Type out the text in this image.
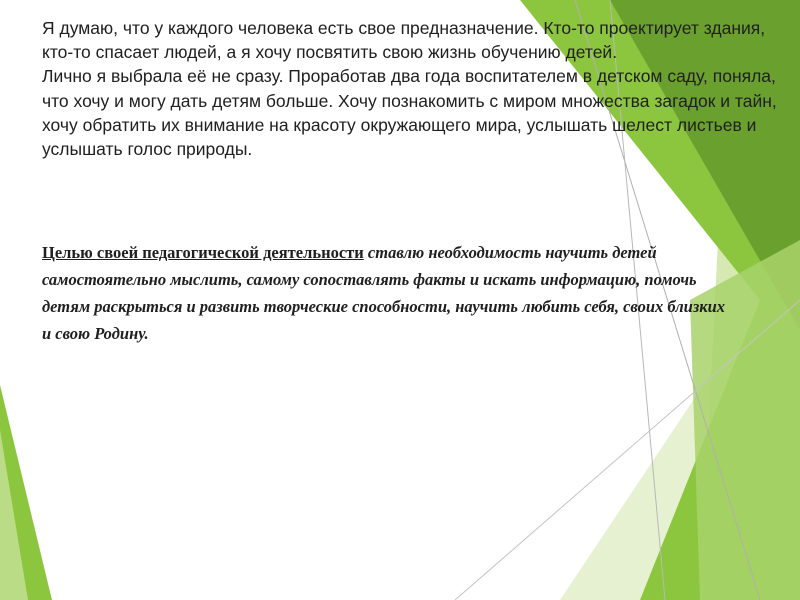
Я думаю, что у каждого человека есть свое предназначение. Кто-то проектирует здания, кто-то спасает людей, а я хочу посвятить свою жизнь обучению детей.

Лично я выбрала её не сразу. Проработав два года воспитателем в детском саду, поняла, что хочу и могу дать детям больше. Хочу познакомить с миром множества загадок и тайн, хочу обратить их внимание на красоту окружающего мира, услышать шелест листьев и услышать голос природы.

Целью своей педагогической деятельности ставлю необходимость научить детей самостоятельно мыслить, самому сопоставлять факты и искать информацию, помочь детям раскрыться и развить творческие способности, научить любить себя, своих близких и свою Родину.
